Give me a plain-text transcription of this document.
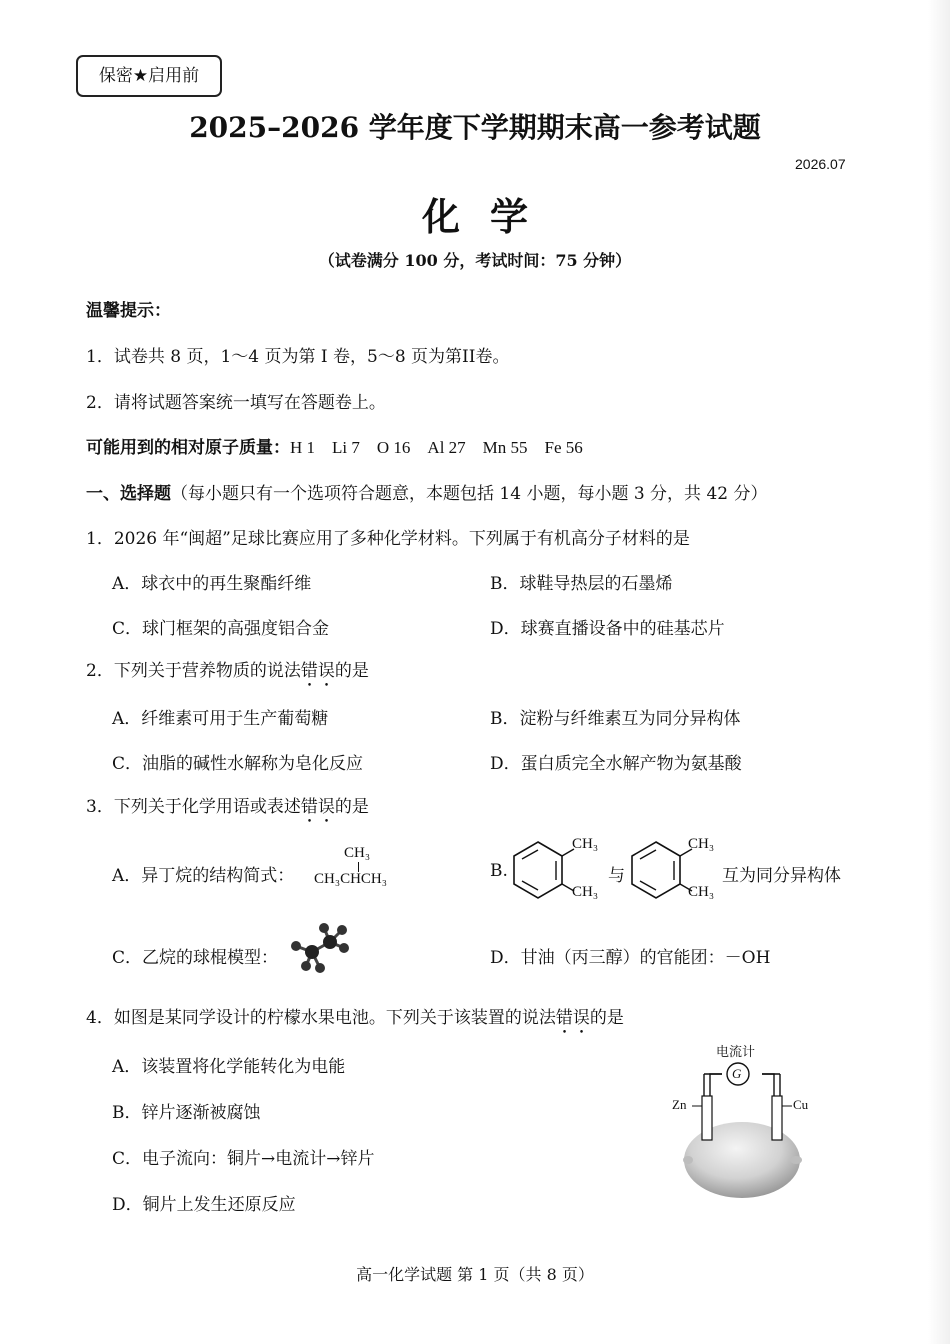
保密★启用前
2025–2026 学年度下学期期末高一参考试题
2026.07
化学
（试卷满分 100 分，考试时间：75 分钟）
温馨提示：
1．试卷共 8 页，1～4 页为第 I 卷，5～8 页为第II卷。
2．请将试题答案统一填写在答题卷上。
可能用到的相对原子质量：H 1　Li 7　O 16　Al 27　Mn 55　Fe 56
一、选择题（每小题只有一个选项符合题意，本题包括 14 小题，每小题 3 分，共 42 分）
1．2026 年“闽超”足球比赛应用了多种化学材料。下列属于有机高分子材料的是
A．球衣中的再生聚酯纤维	B．球鞋导热层的石墨烯
C．球门框架的高强度铝合金	D．球赛直播设备中的硅基芯片
2．下列关于营养物质的说法错误的是
A．纤维素可用于生产葡萄糖	B．淀粉与纤维素互为同分异构体
C．油脂的碱性水解称为皂化反应	D．蛋白质完全水解产物为氨基酸
3．下列关于化学用语或表述错误的是
A．异丁烷的结构简式：
CH₃
CH₃CHCH₃	B.
CH₃
CH₃
与
CH₃
CH₃
互为同分异构体
C．乙烷的球棍模型：	D．甘油（丙三醇）的官能团：－OH
4．如图是某同学设计的柠檬水果电池。下列关于该装置的说法错误的是
A．该装置将化学能转化为电能
B．锌片逐渐被腐蚀
C．电子流向：铜片→电流计→锌片
D．铜片上发生还原反应
电流计
G
Zn	Cu
高一化学试题 第 1 页（共 8 页）
